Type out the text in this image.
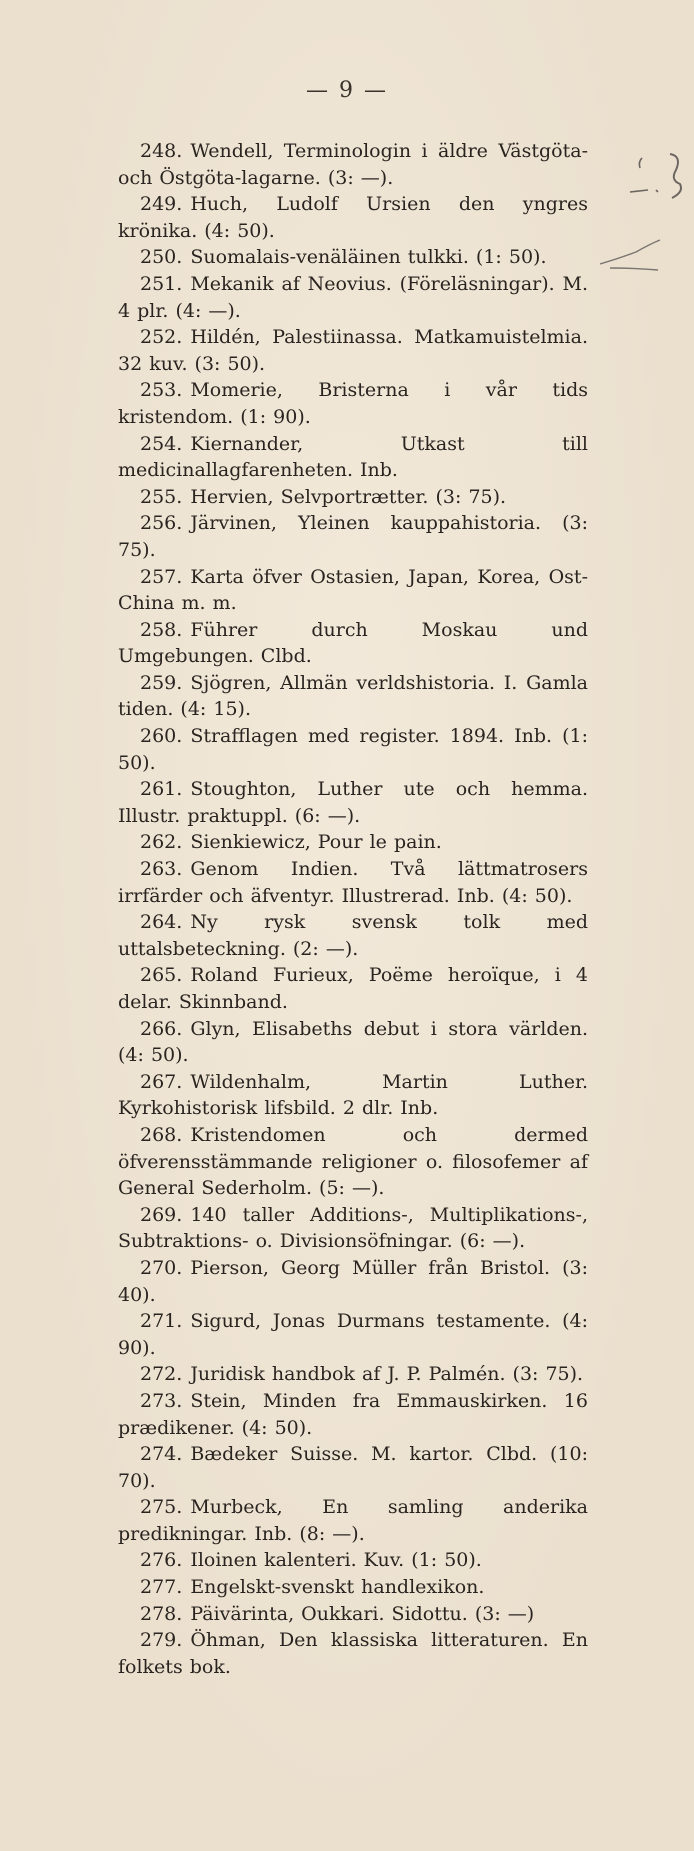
— 9 —
248. Wendell, Terminologin i äldre Västgöta- och Östgöta-lagarne. (3: —).
249. Huch, Ludolf Ursien den yngres krönika. (4: 50).
250. Suomalais-venäläinen tulkki. (1: 50).
251. Mekanik af Neovius. (Föreläsningar). M. 4 plr. (4: —).
252. Hildén, Palestiinassa. Matkamuistelmia. 32 kuv. (3: 50).
253. Momerie, Bristerna i vår tids kristendom. (1: 90).
254. Kiernander, Utkast till medicinallagfarenheten. Inb.
255. Hervien, Selvportrætter. (3: 75).
256. Järvinen, Yleinen kauppahistoria. (3: 75).
257. Karta öfver Ostasien, Japan, Korea, Ost-China m. m.
258. Führer durch Moskau und Umgebungen. Clbd.
259. Sjögren, Allmän verldshistoria. I. Gamla tiden. (4: 15).
260. Strafflagen med register. 1894. Inb. (1: 50).
261. Stoughton, Luther ute och hemma. Illustr. praktuppl. (6: —).
262. Sienkiewicz, Pour le pain.
263. Genom Indien. Två lättmatrosers irrfärder och äfventyr. Illustrerad. Inb. (4: 50).
264. Ny rysk svensk tolk med uttalsbeteckning. (2: —).
265. Roland Furieux, Poëme heroïque, i 4 delar. Skinnband.
266. Glyn, Elisabeths debut i stora världen. (4: 50).
267. Wildenhalm, Martin Luther. Kyrkohistorisk lifsbild. 2 dlr. Inb.
268. Kristendomen och dermed öfverensstämmande religioner o. filosofemer af General Sederholm. (5: —).
269. 140 taller Additions-, Multiplikations-, Subtraktions- o. Divisionsöfningar. (6: —).
270. Pierson, Georg Müller från Bristol. (3: 40).
271. Sigurd, Jonas Durmans testamente. (4: 90).
272. Juridisk handbok af J. P. Palmén. (3: 75).
273. Stein, Minden fra Emmauskirken. 16 prædikener. (4: 50).
274. Bædeker Suisse. M. kartor. Clbd. (10: 70).
275. Murbeck, En samling anderika predikningar. Inb. (8: —).
276. Iloinen kalenteri. Kuv. (1: 50).
277. Engelskt-svenskt handlexikon.
278. Päivärinta, Oukkari. Sidottu. (3: —)
279. Öhman, Den klassiska litteraturen. En folkets bok.
